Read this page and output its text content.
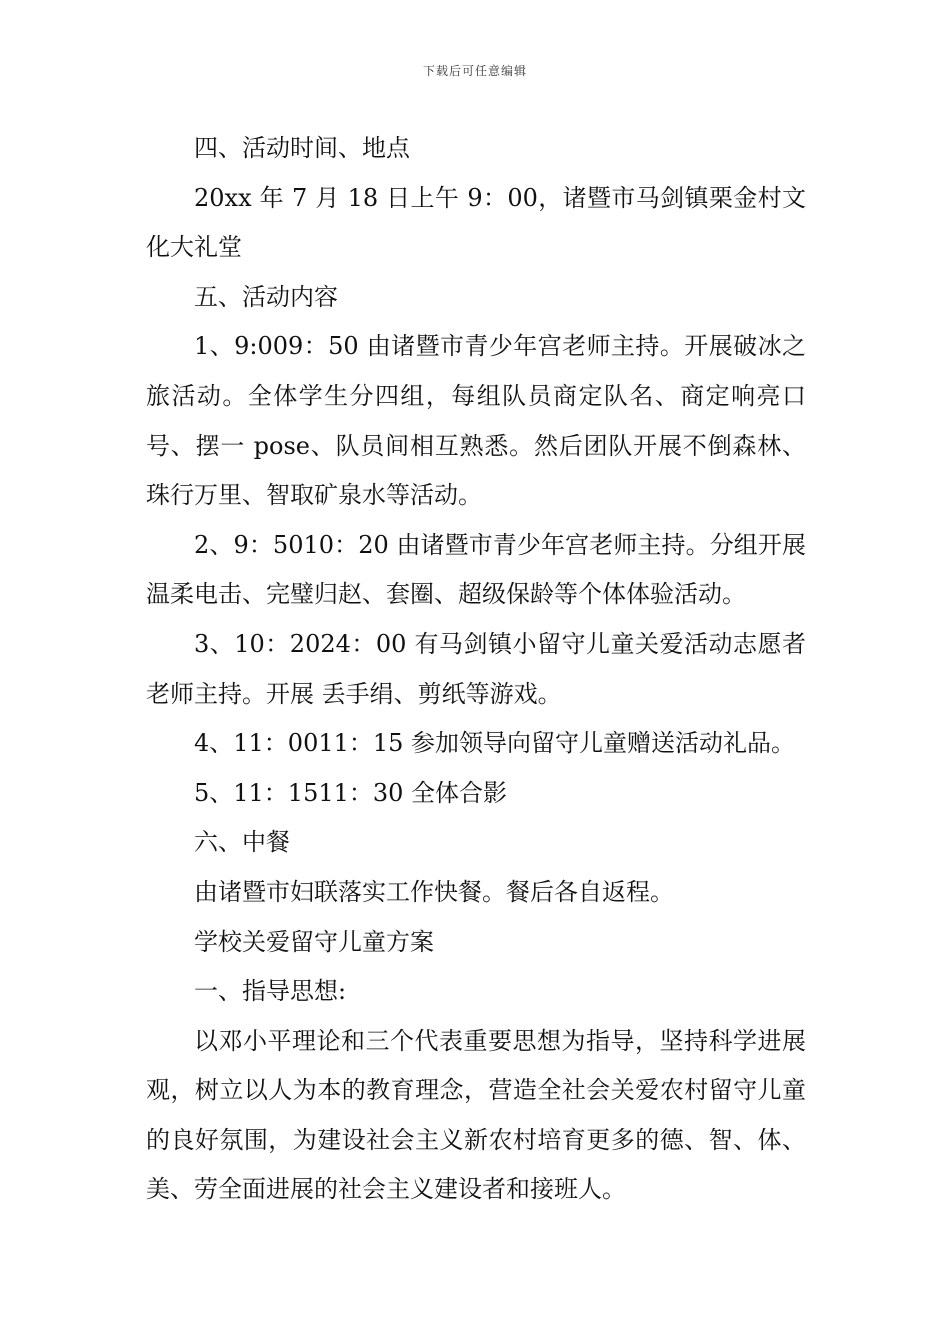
下载后可任意编辑

四、活动时间、地点

20xx 年 7 月 18 日上午 9：00，诸暨市马剑镇栗金村文化大礼堂

五、活动内容

1、9:009：50 由诸暨市青少年宫老师主持。开展破冰之旅活动。全体学生分四组，每组队员商定队名、商定响亮口号、摆一 pose、队员间相互熟悉。然后团队开展不倒森林、珠行万里、智取矿泉水等活动。

2、9：5010：20 由诸暨市青少年宫老师主持。分组开展温柔电击、完璧归赵、套圈、超级保龄等个体体验活动。

3、10：2024：00 有马剑镇小留守儿童关爱活动志愿者老师主持。开展 丢手绢、剪纸等游戏。

4、11：0011：15 参加领导向留守儿童赠送活动礼品。

5、11：1511：30 全体合影

六、中餐

由诸暨市妇联落实工作快餐。餐后各自返程。

学校关爱留守儿童方案

一、指导思想:

以邓小平理论和三个代表重要思想为指导，坚持科学进展观，树立以人为本的教育理念，营造全社会关爱农村留守儿童的良好氛围，为建设社会主义新农村培育更多的德、智、体、美、劳全面进展的社会主义建设者和接班人。
